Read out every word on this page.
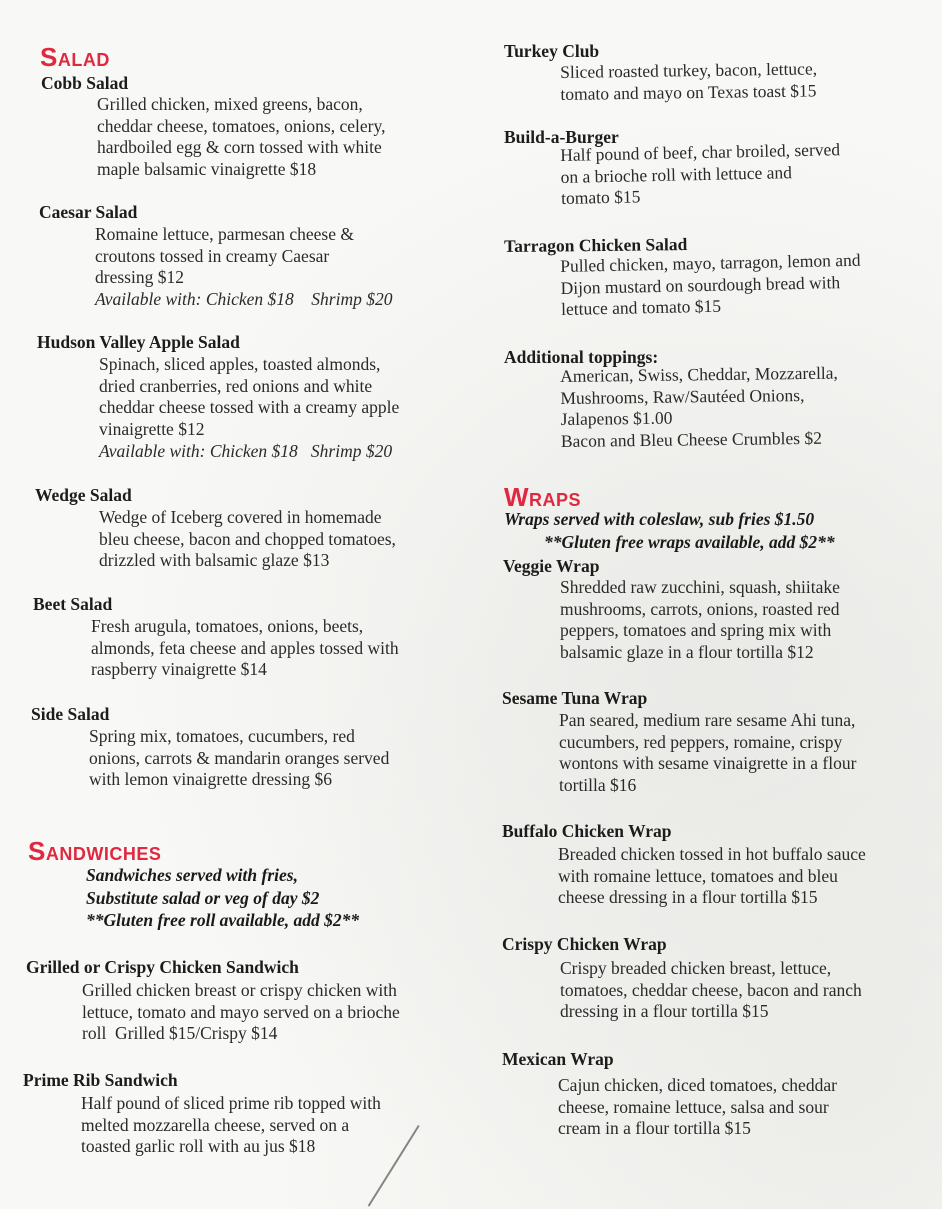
Salad
Cobb Salad
Grilled chicken, mixed greens, bacon,
cheddar cheese, tomatoes, onions, celery,
hardboiled egg & corn tossed with white
maple balsamic vinaigrette $18
Caesar Salad
Romaine lettuce, parmesan cheese &
croutons tossed in creamy Caesar
dressing $12
Available with: Chicken $18    Shrimp $20
Hudson Valley Apple Salad
Spinach, sliced apples, toasted almonds,
dried cranberries, red onions and white
cheddar cheese tossed with a creamy apple
vinaigrette $12
Available with: Chicken $18   Shrimp $20
Wedge Salad
Wedge of Iceberg covered in homemade
bleu cheese, bacon and chopped tomatoes,
drizzled with balsamic glaze $13
Beet Salad
Fresh arugula, tomatoes, onions, beets,
almonds, feta cheese and apples tossed with
raspberry vinaigrette $14
Side Salad
Spring mix, tomatoes, cucumbers, red
onions, carrots & mandarin oranges served
with lemon vinaigrette dressing $6
Sandwiches
Sandwiches served with fries,
Substitute salad or veg of day $2
**Gluten free roll available, add $2**
Grilled or Crispy Chicken Sandwich
Grilled chicken breast or crispy chicken with
lettuce, tomato and mayo served on a brioche
roll  Grilled $15/Crispy $14
Prime Rib Sandwich
Half pound of sliced prime rib topped with
melted mozzarella cheese, served on a
toasted garlic roll with au jus $18
Turkey Club
Sliced roasted turkey, bacon, lettuce,
tomato and mayo on Texas toast $15
Build-a-Burger
Half pound of beef, char broiled, served
on a brioche roll with lettuce and
tomato $15
Tarragon Chicken Salad
Pulled chicken, mayo, tarragon, lemon and
Dijon mustard on sourdough bread with
lettuce and tomato $15
Additional toppings:
American, Swiss, Cheddar, Mozzarella,
Mushrooms, Raw/Sautéed Onions,
Jalapenos $1.00
Bacon and Bleu Cheese Crumbles $2
Wraps
Wraps served with coleslaw, sub fries $1.50
**Gluten free wraps available, add $2**
Veggie Wrap
Shredded raw zucchini, squash, shiitake
mushrooms, carrots, onions, roasted red
peppers, tomatoes and spring mix with
balsamic glaze in a flour tortilla $12
Sesame Tuna Wrap
Pan seared, medium rare sesame Ahi tuna,
cucumbers, red peppers, romaine, crispy
wontons with sesame vinaigrette in a flour
tortilla $16
Buffalo Chicken Wrap
Breaded chicken tossed in hot buffalo sauce
with romaine lettuce, tomatoes and bleu
cheese dressing in a flour tortilla $15
Crispy Chicken Wrap
Crispy breaded chicken breast, lettuce,
tomatoes, cheddar cheese, bacon and ranch
dressing in a flour tortilla $15
Mexican Wrap
Cajun chicken, diced tomatoes, cheddar
cheese, romaine lettuce, salsa and sour
cream in a flour tortilla $15
